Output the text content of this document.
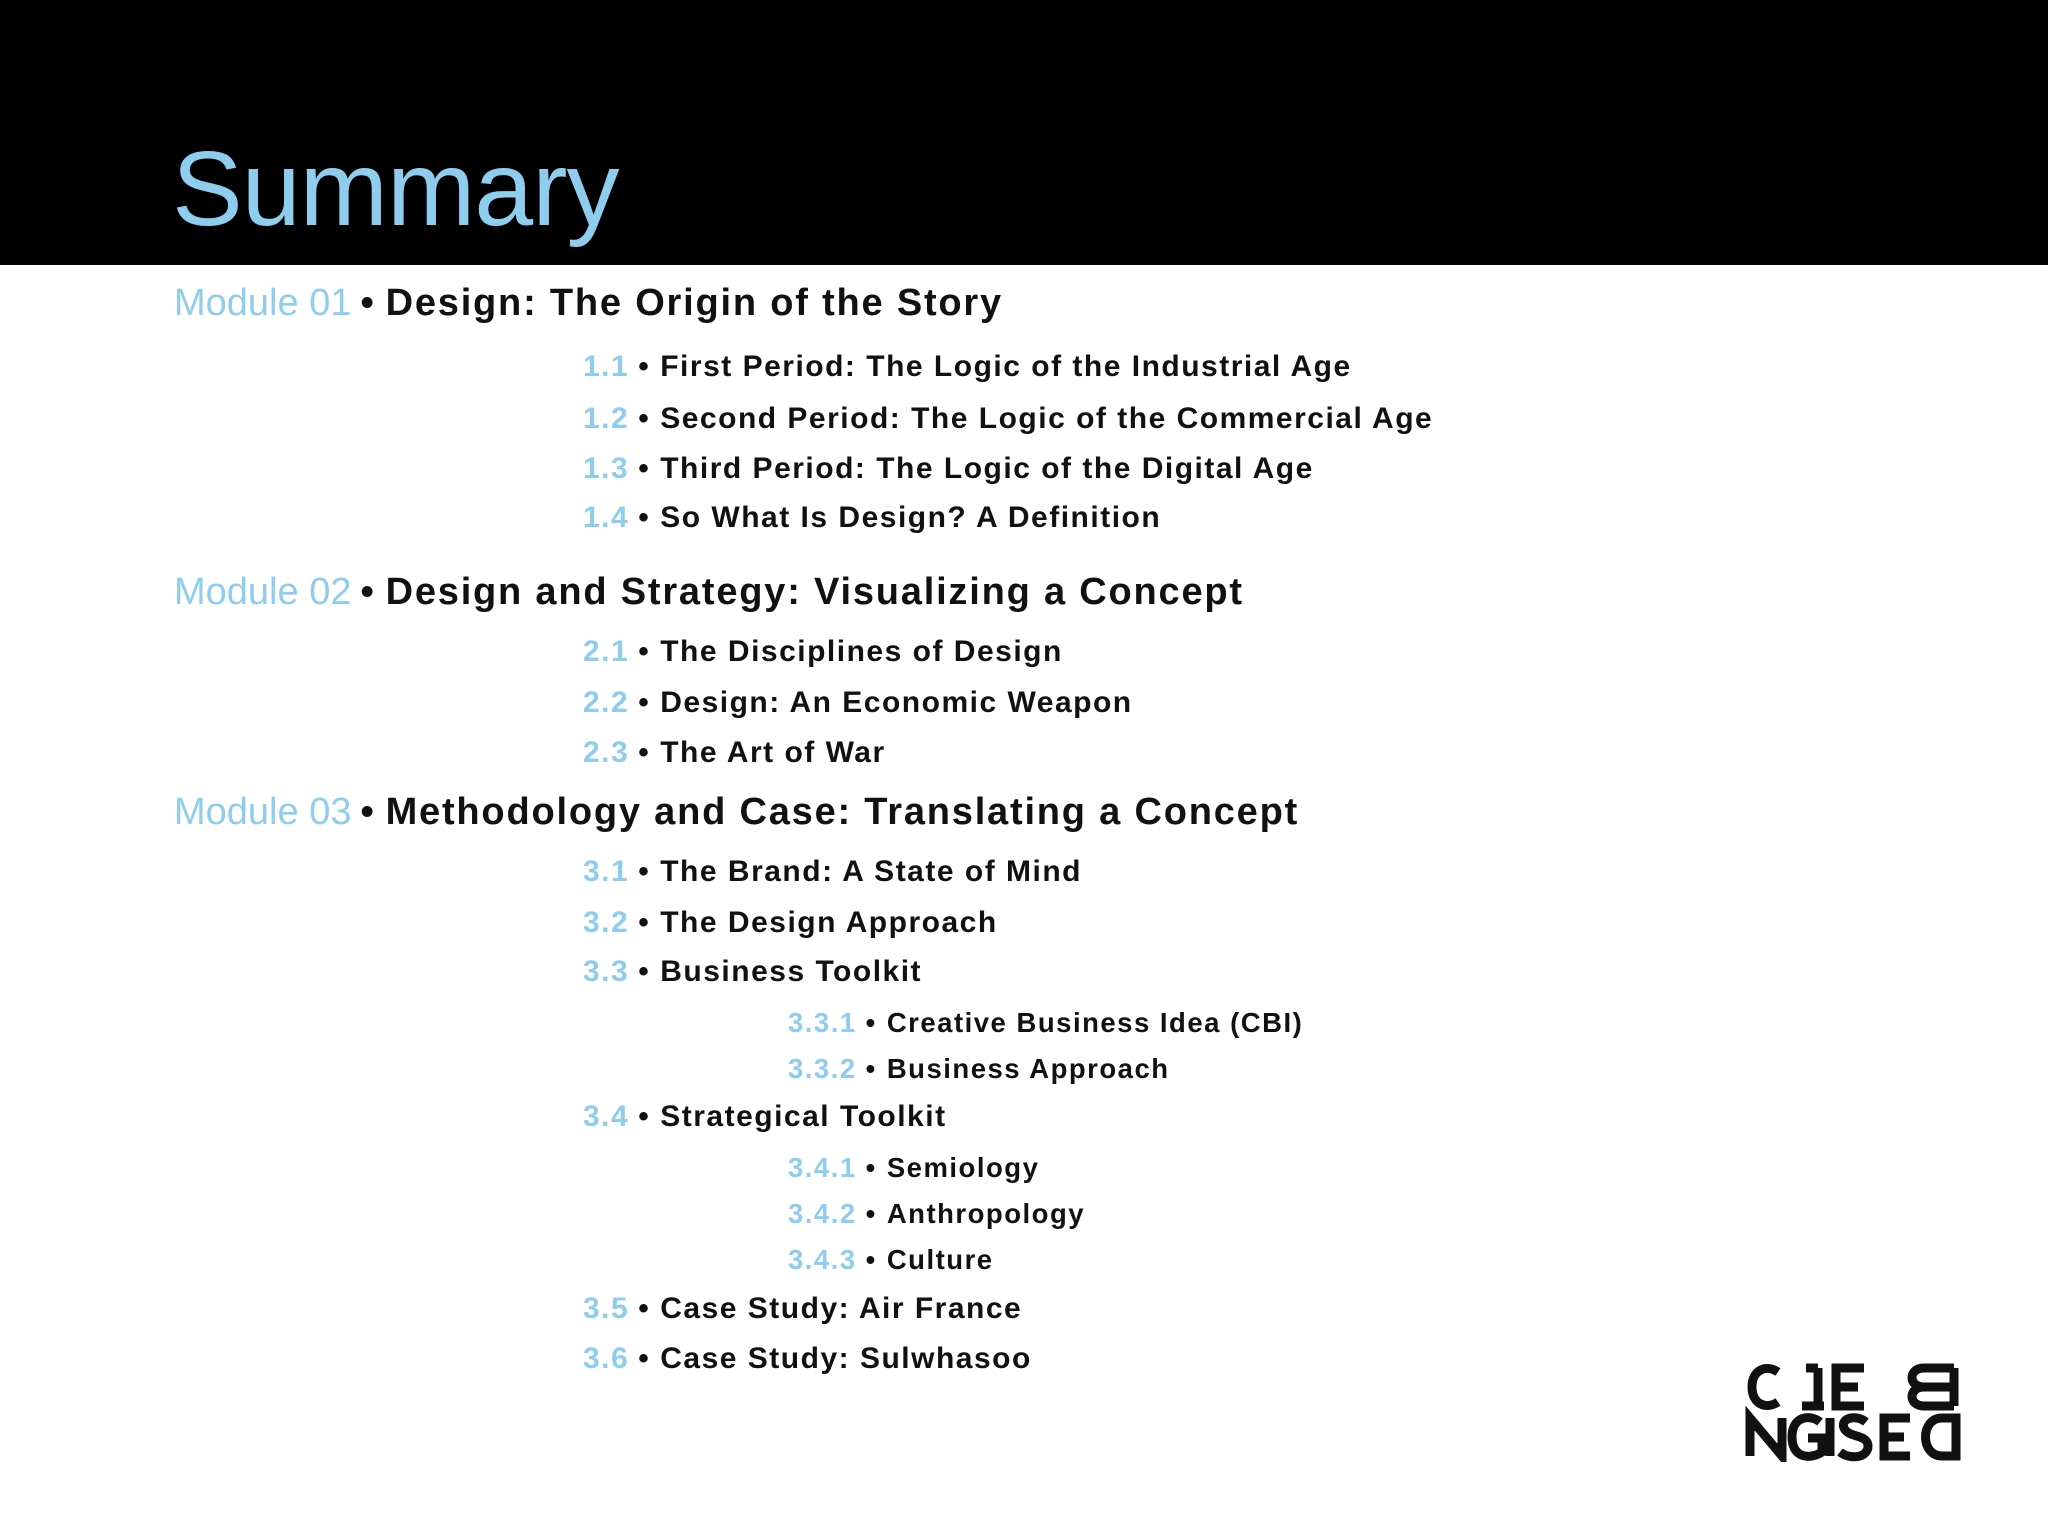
Summary
Module 01 • Design: The Origin of the Story
1.1 • First Period: The Logic of the Industrial Age
1.2 • Second Period: The Logic of the Commercial Age
1.3 • Third Period: The Logic of the Digital Age
1.4 • So What Is Design? A Definition
Module 02 • Design and Strategy: Visualizing a Concept
2.1 • The Disciplines of Design
2.2 • Design: An Economic Weapon
2.3 • The Art of War
Module 03 • Methodology and Case: Translating a Concept
3.1 • The Brand: A State of Mind
3.2 • The Design Approach
3.3 • Business Toolkit
3.3.1 • Creative Business Idea (CBI)
3.3.2 • Business Approach
3.4 • Strategical Toolkit
3.4.1 • Semiology
3.4.2 • Anthropology
3.4.3 • Culture
3.5 • Case Study: Air France
3.6 • Case Study: Sulwhasoo
